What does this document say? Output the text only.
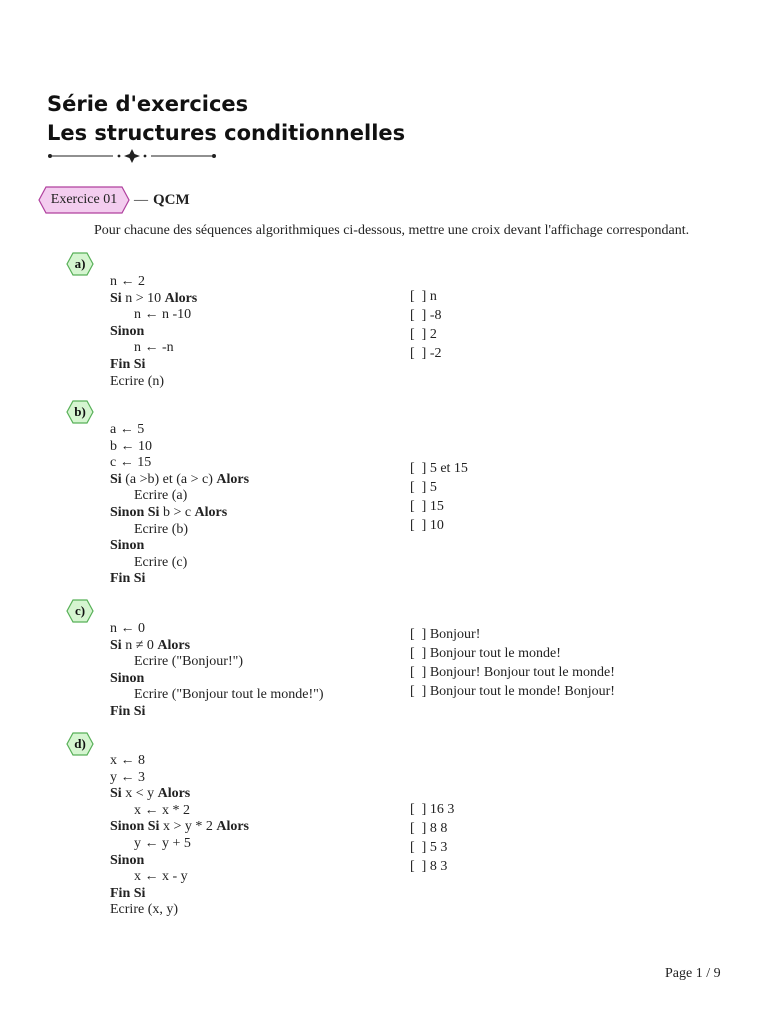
Série d'exercices
Les structures conditionnelles
Exercice 01	__ QCM

Pour chacune des séquences algorithmiques ci-dessous, mettre une croix devant l'affichage correspondant.

a)
n ← 2
Si n > 10 Alors
n ← n -10
Sinon
n ← -n
Fin Si
Ecrire (n)
[  ] n
[  ] -8
[  ] 2
[  ] -2
b)
a ← 5
b ← 10
c ← 15
Si (a >b) et (a > c) Alors
Ecrire (a)
Sinon Si b > c Alors
Ecrire (b)
Sinon
Ecrire (c)
Fin Si
[  ] 5 et 15
[  ] 5
[  ] 15
[  ] 10
c)
n ← 0
Si n ≠ 0 Alors
Ecrire ("Bonjour!")
Sinon
Ecrire ("Bonjour tout le monde!")
Fin Si
[  ] Bonjour!
[  ] Bonjour tout le monde!
[  ] Bonjour! Bonjour tout le monde!
[  ] Bonjour tout le monde! Bonjour!
d)
x ← 8
y ← 3
Si x < y Alors
x ← x * 2
Sinon Si x > y * 2 Alors
y ← y + 5
Sinon
x ← x - y
Fin Si
Ecrire (x, y)
[  ] 16 3
[  ] 8 8
[  ] 5 3
[  ] 8 3
Page 1 / 9
